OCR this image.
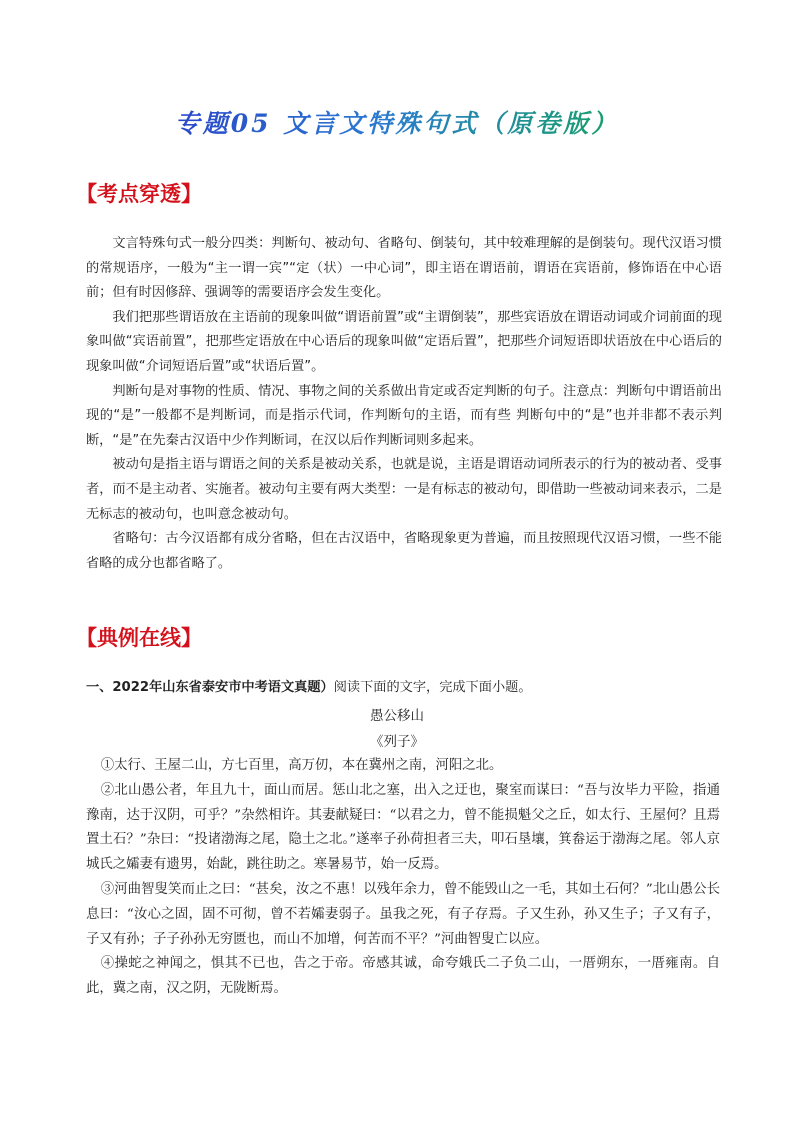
专题05 文言文特殊句式（原卷版）
【考点穿透】

文言特殊句式一般分四类：判断句、被动句、省略句、倒装句，其中较难理解的是倒装句。现代汉语习惯的常规语序，一般为“主一谓一宾”“定（状）一中心词”，即主语在谓语前，谓语在宾语前，修饰语在中心语前；但有时因修辞、强调等的需要语序会发生变化。

我们把那些谓语放在主语前的现象叫做“谓语前置”或“主谓倒装”，那些宾语放在谓语动词或介词前面的现象叫做“宾语前置”，把那些定语放在中心语后的现象叫做“定语后置”，把那些介词短语即状语放在中心语后的现象叫做“介词短语后置”或“状语后置”。

判断句是对事物的性质、情况、事物之间的关系做出肯定或否定判断的句子。注意点：判断句中谓语前出现的“是”一般都不是判断词，而是指示代词，作判断句的主语，而有些 判断句中的“是”也并非都不表示判断，“是”在先秦古汉语中少作判断词，在汉以后作判断词则多起来。

被动句是指主语与谓语之间的关系是被动关系，也就是说，主语是谓语动词所表示的行为的被动者、受事者，而不是主动者、实施者。被动句主要有两大类型：一是有标志的被动句，即借助一些被动词来表示，二是无标志的被动句，也叫意念被动句。

省略句：古今汉语都有成分省略，但在古汉语中，省略现象更为普遍，而且按照现代汉语习惯，一些不能省略的成分也都省略了。

【典例在线】
一、2022年山东省泰安市中考语文真题）阅读下面的文字，完成下面小题。
愚公移山
《列子》

①太行、王屋二山，方七百里，高万仞，本在冀州之南，河阳之北。

②北山愚公者，年且九十，面山而居。惩山北之塞，出入之迂也，聚室而谋曰：“吾与汝毕力平险，指通豫南，达于汉阴，可乎？”杂然相许。其妻献疑曰：“以君之力，曾不能损魁父之丘，如太行、王屋何？且焉置土石？”杂曰：“投诸渤海之尾，隐土之北。”遂率子孙荷担者三夫，叩石垦壤，箕畚运于渤海之尾。邻人京城氏之孀妻有遗男，始龀，跳往助之。寒暑易节，始一反焉。

③河曲智叟笑而止之曰：“甚矣，汝之不惠！以残年余力，曾不能毁山之一毛，其如土石何？”北山愚公长息曰：“汝心之固，固不可彻，曾不若孀妻弱子。虽我之死，有子存焉。子又生孙，孙又生子；子又有子，子又有孙；子子孙孙无穷匮也，而山不加增，何苦而不平？”河曲智叟亡以应。

④操蛇之神闻之，惧其不已也，告之于帝。帝感其诚，命夸娥氏二子负二山，一厝朔东，一厝雍南。自此，冀之南，汉之阴，无陇断焉。
